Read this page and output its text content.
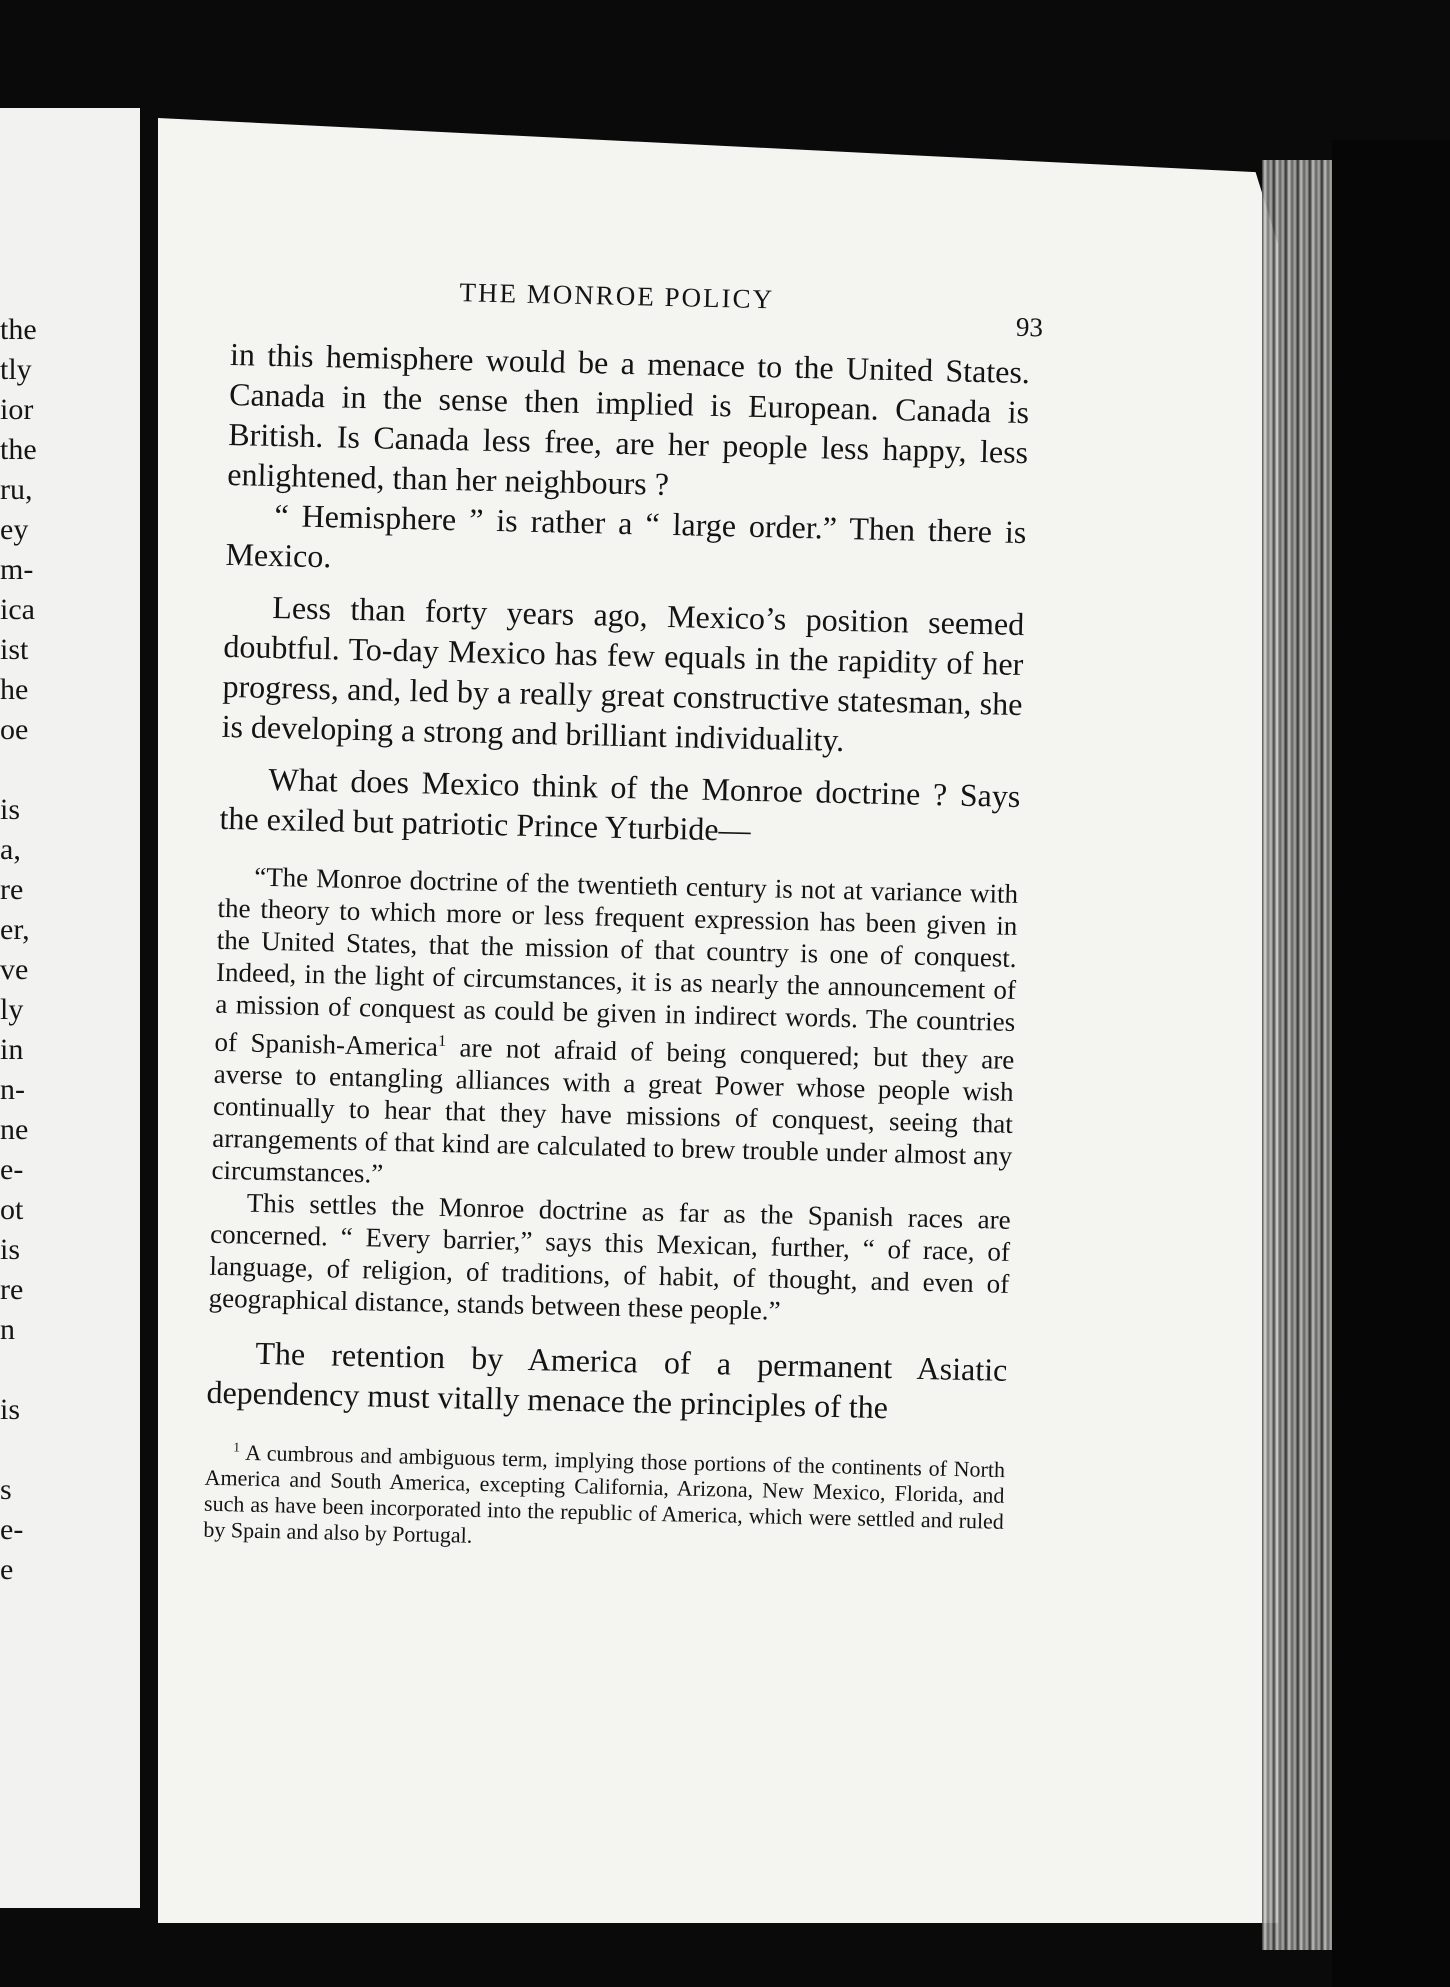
the
tly
ior
the
ru,
ey
m-
ica
ist
he
oe
is
a,
re
er,
ve
ly
in
n-
ne
e-
ot
is
re
n
is
s
e-
e
THE MONROE POLICY
93

in this hemisphere would be a menace to the United States. Canada in the sense then implied is European. Canada is British. Is Canada less free, are her people less happy, less enlightened, than her neighbours ?

“ Hemisphere ” is rather a “ large order.” Then there is Mexico.

Less than forty years ago, Mexico’s position seemed doubtful. To-day Mexico has few equals in the rapidity of her progress, and, led by a really great constructive statesman, she is developing a strong and brilliant individuality.

What does Mexico think of the Monroe doctrine ? Says the exiled but patriotic Prince Yturbide—

“The Monroe doctrine of the twentieth century is not at variance with the theory to which more or less frequent expression has been given in the United States, that the mission of that country is one of conquest. Indeed, in the light of circumstances, it is as nearly the announcement of a mission of conquest as could be given in indirect words. The countries of Spanish-America$^1$ are not afraid of being conquered; but they are averse to entangling alliances with a great Power whose people wish continually to hear that they have missions of conquest, seeing that arrangements of that kind are calculated to brew trouble under almost any circumstances.”

This settles the Monroe doctrine as far as the Spanish races are concerned. “ Every barrier,” says this Mexican, further, “ of race, of language, of religion, of traditions, of habit, of thought, and even of geographical distance, stands between these people.”

The retention by America of a permanent Asiatic dependency must vitally menace the principles of the

$^1$ A cumbrous and ambiguous term, implying those portions of the continents of North America and South America, excepting California, Arizona, New Mexico, Florida, and such as have been incorporated into the republic of America, which were settled and ruled by Spain and also by Portugal.
